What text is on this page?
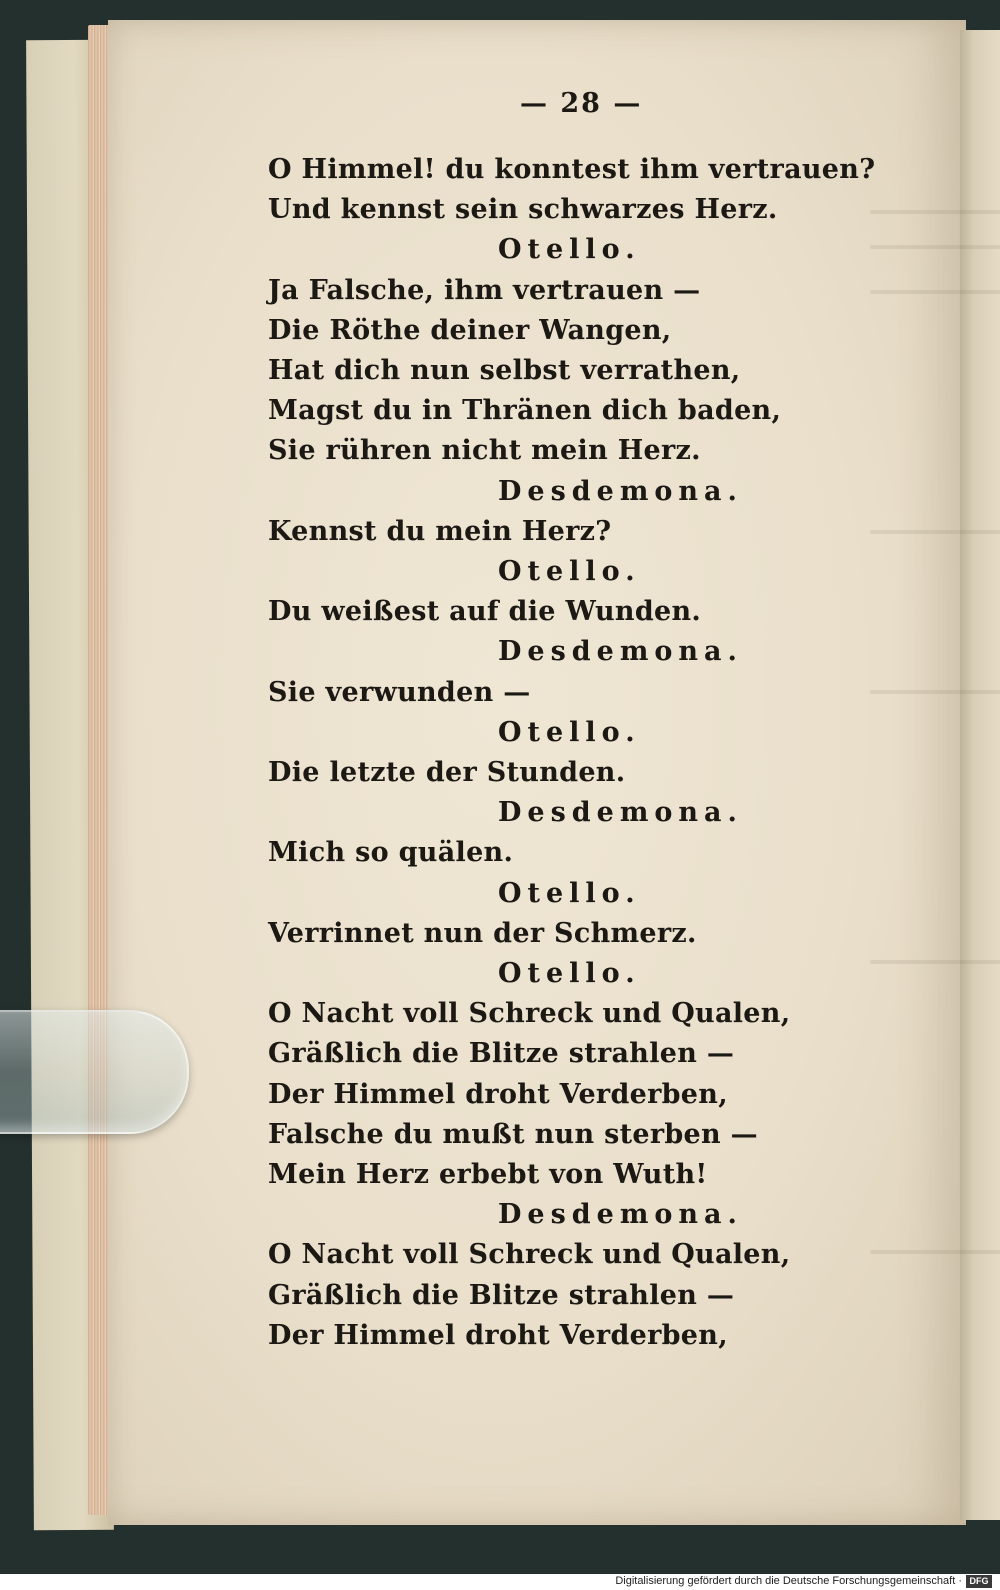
— 28 —
O Himmel! du konntest ihm vertrauen?
Und kennst sein schwarzes Herz.
Otello.
Ja Falsche, ihm vertrauen —
Die Röthe deiner Wangen,
Hat dich nun selbst verrathen,
Magst du in Thränen dich baden,
Sie rühren nicht mein Herz.
Desdemona.
Kennst du mein Herz?
Otello.
Du weißest auf die Wunden.
Desdemona.
Sie verwunden —
Otello.
Die letzte der Stunden.
Desdemona.
Mich so quälen.
Otello.
Verrinnet nun der Schmerz.
Otello.
O Nacht voll Schreck und Qualen,
Gräßlich die Blitze strahlen —
Der Himmel droht Verderben,
Falsche du mußt nun sterben —
Mein Herz erbebt von Wuth!
Desdemona.
O Nacht voll Schreck und Qualen,
Gräßlich die Blitze strahlen —
Der Himmel droht Verderben,
Digitalisierung gefördert durch die Deutsche Forschungsgemeinschaft · DFG
